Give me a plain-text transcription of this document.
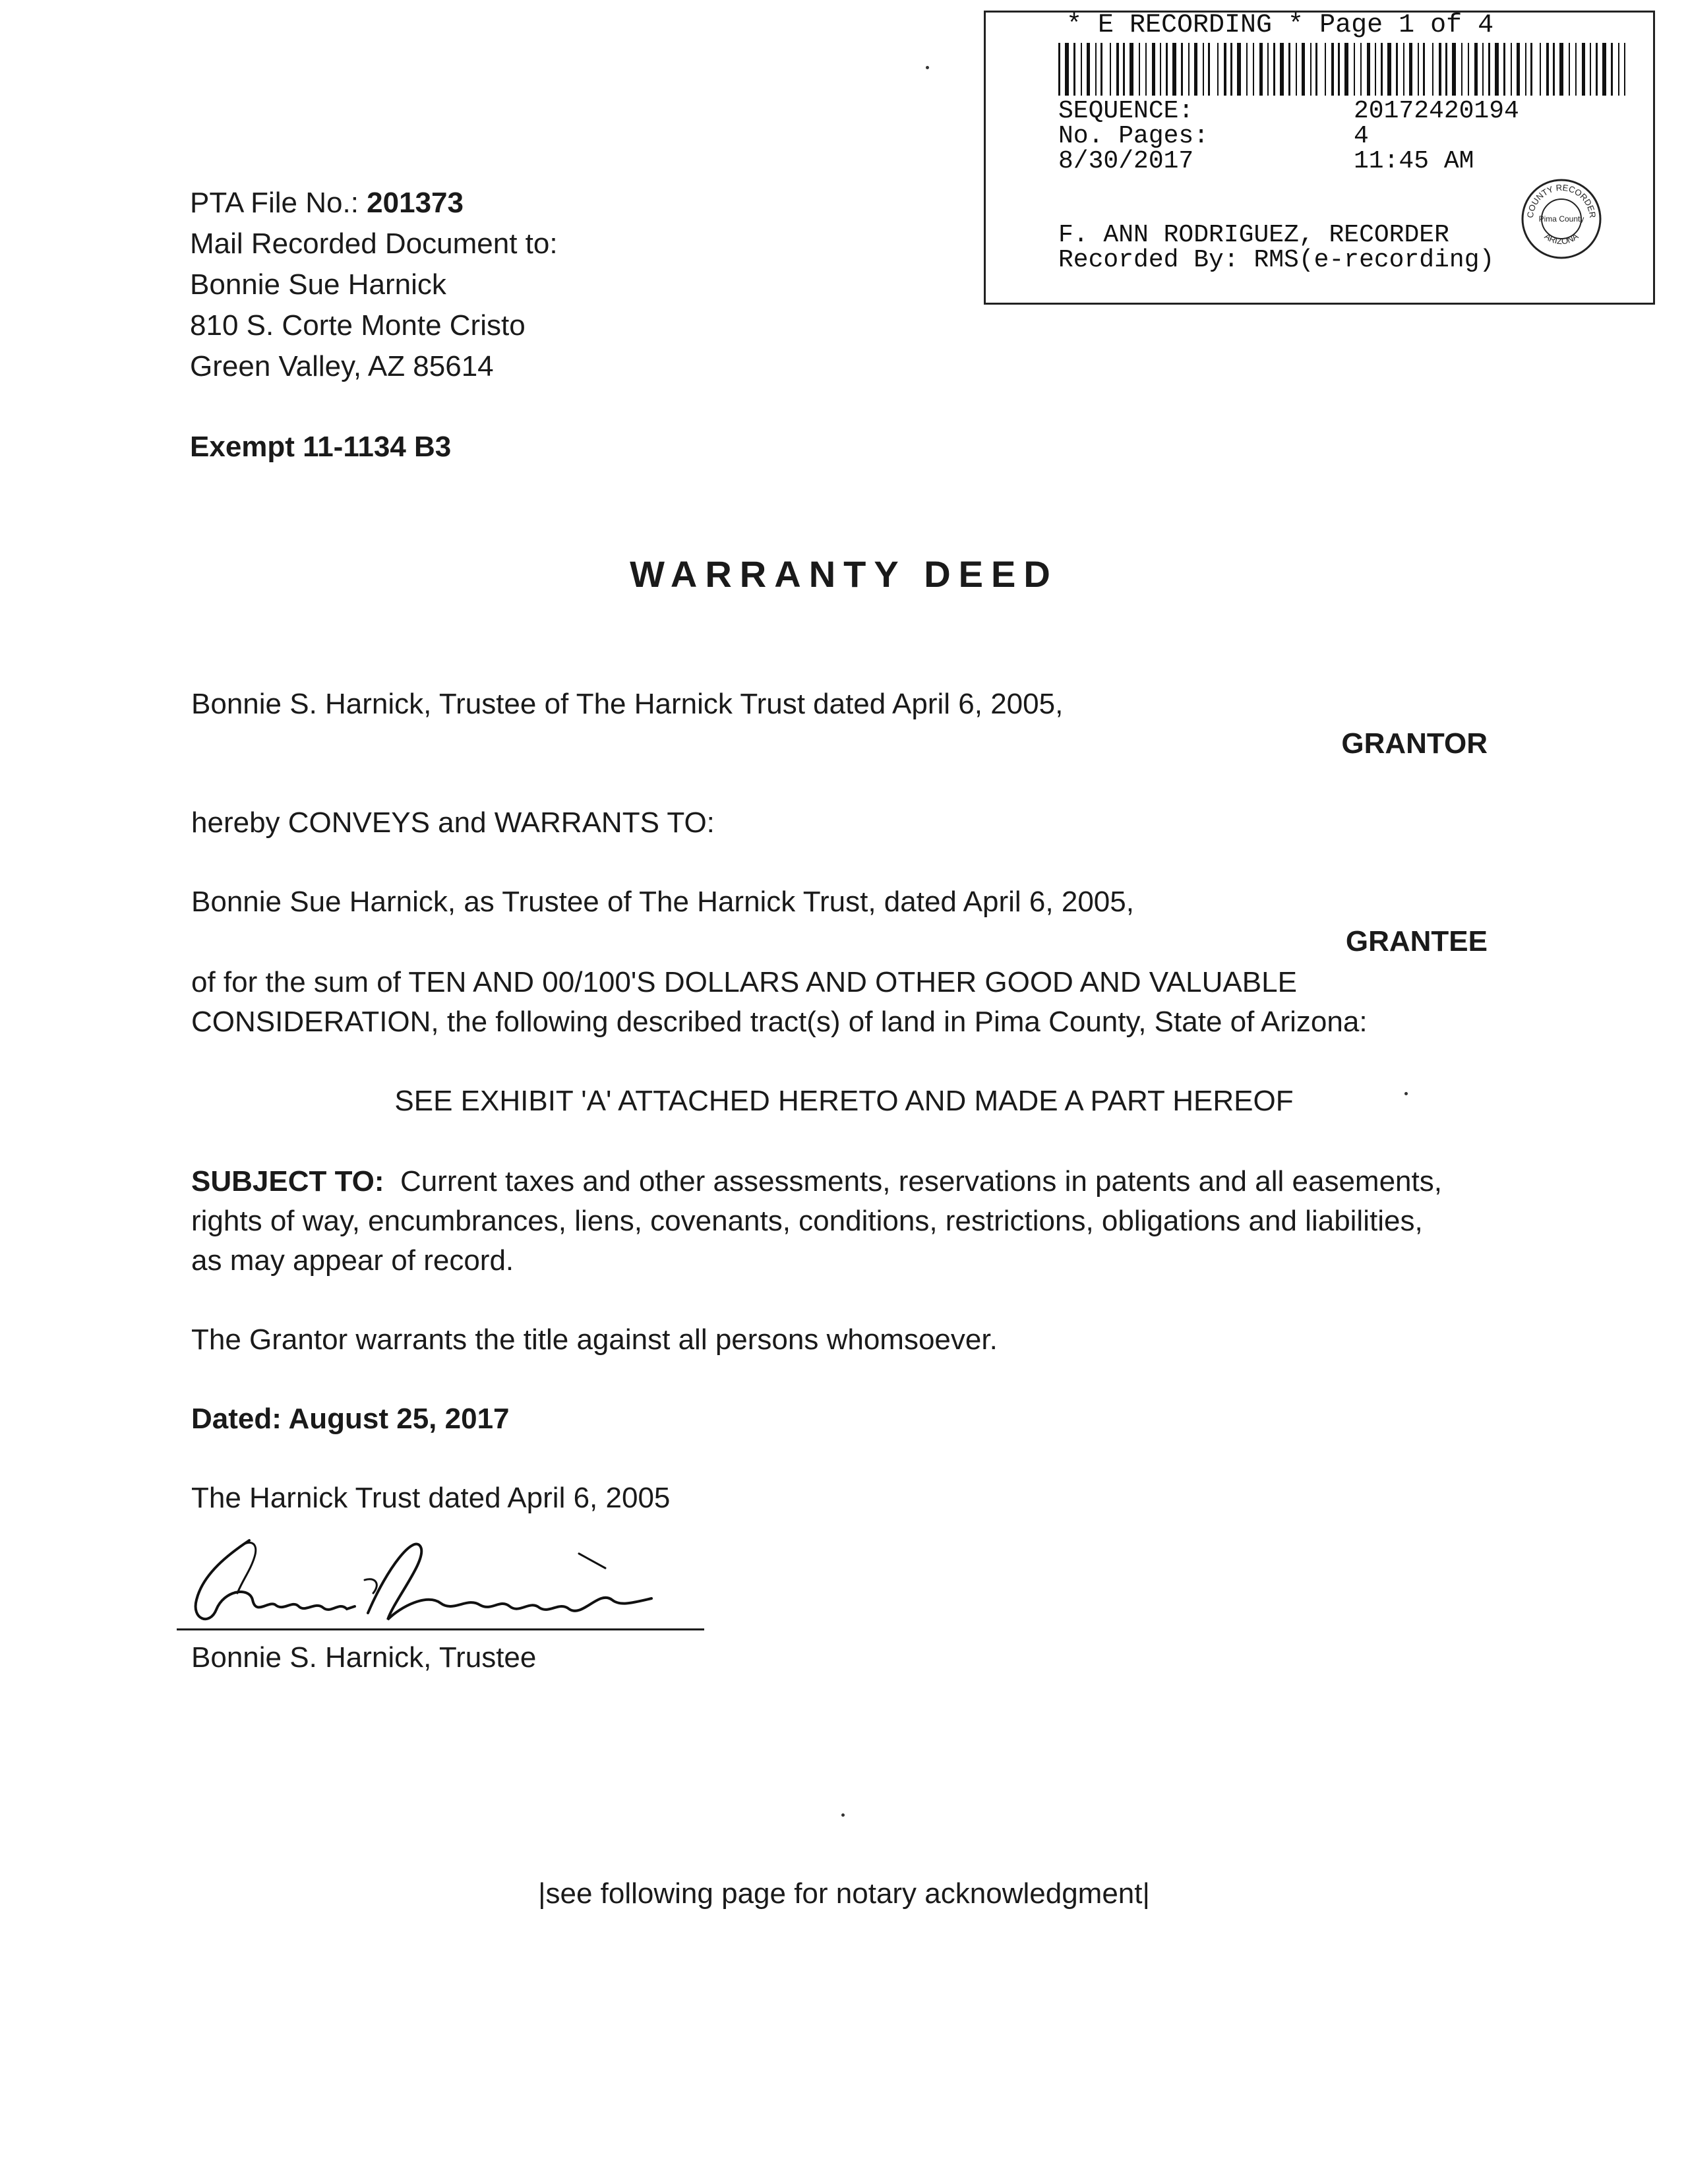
* E RECORDING * Page 1 of 4
SEQUENCE:	20172420194
No. Pages:	4
8/30/2017	11:45 AM
F. ANN RODRIGUEZ, RECORDER
Recorded By: RMS(e-recording)
COUNTY RECORDER
ARIZONA
Pima County
PTA File No.: 201373
Mail Recorded Document to:
Bonnie Sue Harnick
810 S. Corte Monte Cristo
Green Valley, AZ 85614
Exempt 11-1134 B3
WARRANTY DEED
Bonnie S. Harnick, Trustee of The Harnick Trust dated April 6, 2005,
GRANTOR
hereby CONVEYS and WARRANTS TO:
Bonnie Sue Harnick, as Trustee of The Harnick Trust, dated April 6, 2005,
GRANTEE
of for the sum of TEN AND 00/100'S DOLLARS AND OTHER GOOD AND VALUABLE
CONSIDERATION, the following described tract(s) of land in Pima County, State of Arizona:
SEE EXHIBIT 'A' ATTACHED HERETO AND MADE A PART HEREOF
SUBJECT TO: Current taxes and other assessments, reservations in patents and all easements,
rights of way, encumbrances, liens, covenants, conditions, restrictions, obligations and liabilities,
as may appear of record.
The Grantor warrants the title against all persons whomsoever.
Dated: August 25, 2017
The Harnick Trust dated April 6, 2005
Bonnie S. Harnick, Trustee
|see following page for notary acknowledgment|
